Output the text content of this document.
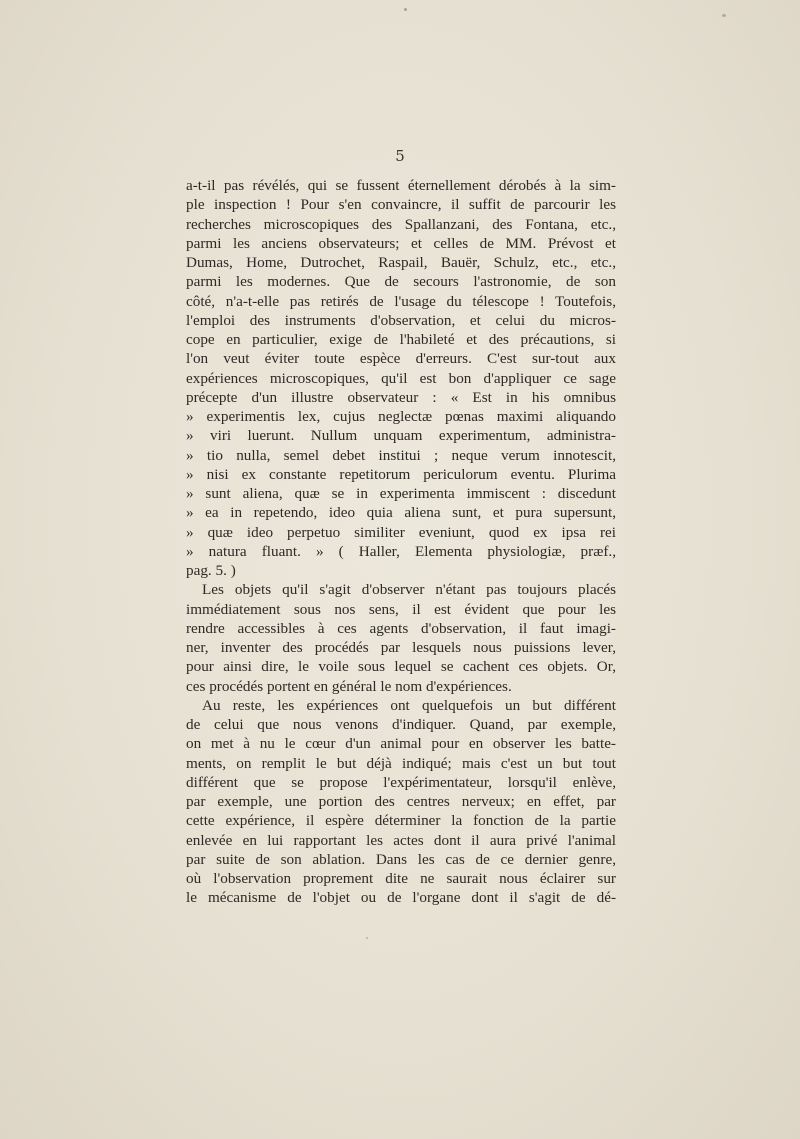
5
a-t-il pas révélés, qui se fussent éternellement dérobés à la sim-
ple inspection ! Pour s'en convaincre, il suffit de parcourir les
recherches microscopiques des Spallanzani, des Fontana, etc.,
parmi les anciens observateurs; et celles de MM. Prévost et
Dumas, Home, Dutrochet, Raspail, Bauër, Schulz, etc., etc.,
parmi les modernes. Que de secours l'astronomie, de son
côté, n'a-t-elle pas retirés de l'usage du télescope ! Toutefois,
l'emploi des instruments d'observation, et celui du micros-
cope en particulier, exige de l'habileté et des précautions, si
l'on veut éviter toute espèce d'erreurs. C'est sur-tout aux
expériences microscopiques, qu'il est bon d'appliquer ce sage
précepte d'un illustre observateur : « Est in his omnibus
» experimentis lex, cujus neglectæ pœnas maximi aliquando
» viri luerunt. Nullum unquam experimentum, administra-
» tio nulla, semel debet institui ; neque verum innotescit,
» nisi ex constante repetitorum periculorum eventu. Plurima
» sunt aliena, quæ se in experimenta immiscent : discedunt
» ea in repetendo, ideo quia aliena sunt, et pura supersunt,
» quæ ideo perpetuo similiter eveniunt, quod ex ipsa rei
» natura fluant. » ( Haller, Elementa physiologiæ, præf.,
pag. 5. )
Les objets qu'il s'agit d'observer n'étant pas toujours placés
immédiatement sous nos sens, il est évident que pour les
rendre accessibles à ces agents d'observation, il faut imagi-
ner, inventer des procédés par lesquels nous puissions lever,
pour ainsi dire, le voile sous lequel se cachent ces objets. Or,
ces procédés portent en général le nom d'expériences.
Au reste, les expériences ont quelquefois un but différent
de celui que nous venons d'indiquer. Quand, par exemple,
on met à nu le cœur d'un animal pour en observer les batte-
ments, on remplit le but déjà indiqué; mais c'est un but tout
différent que se propose l'expérimentateur, lorsqu'il enlève,
par exemple, une portion des centres nerveux; en effet, par
cette expérience, il espère déterminer la fonction de la partie
enlevée en lui rapportant les actes dont il aura privé l'animal
par suite de son ablation. Dans les cas de ce dernier genre,
où l'observation proprement dite ne saurait nous éclairer sur
le mécanisme de l'objet ou de l'organe dont il s'agit de dé-
